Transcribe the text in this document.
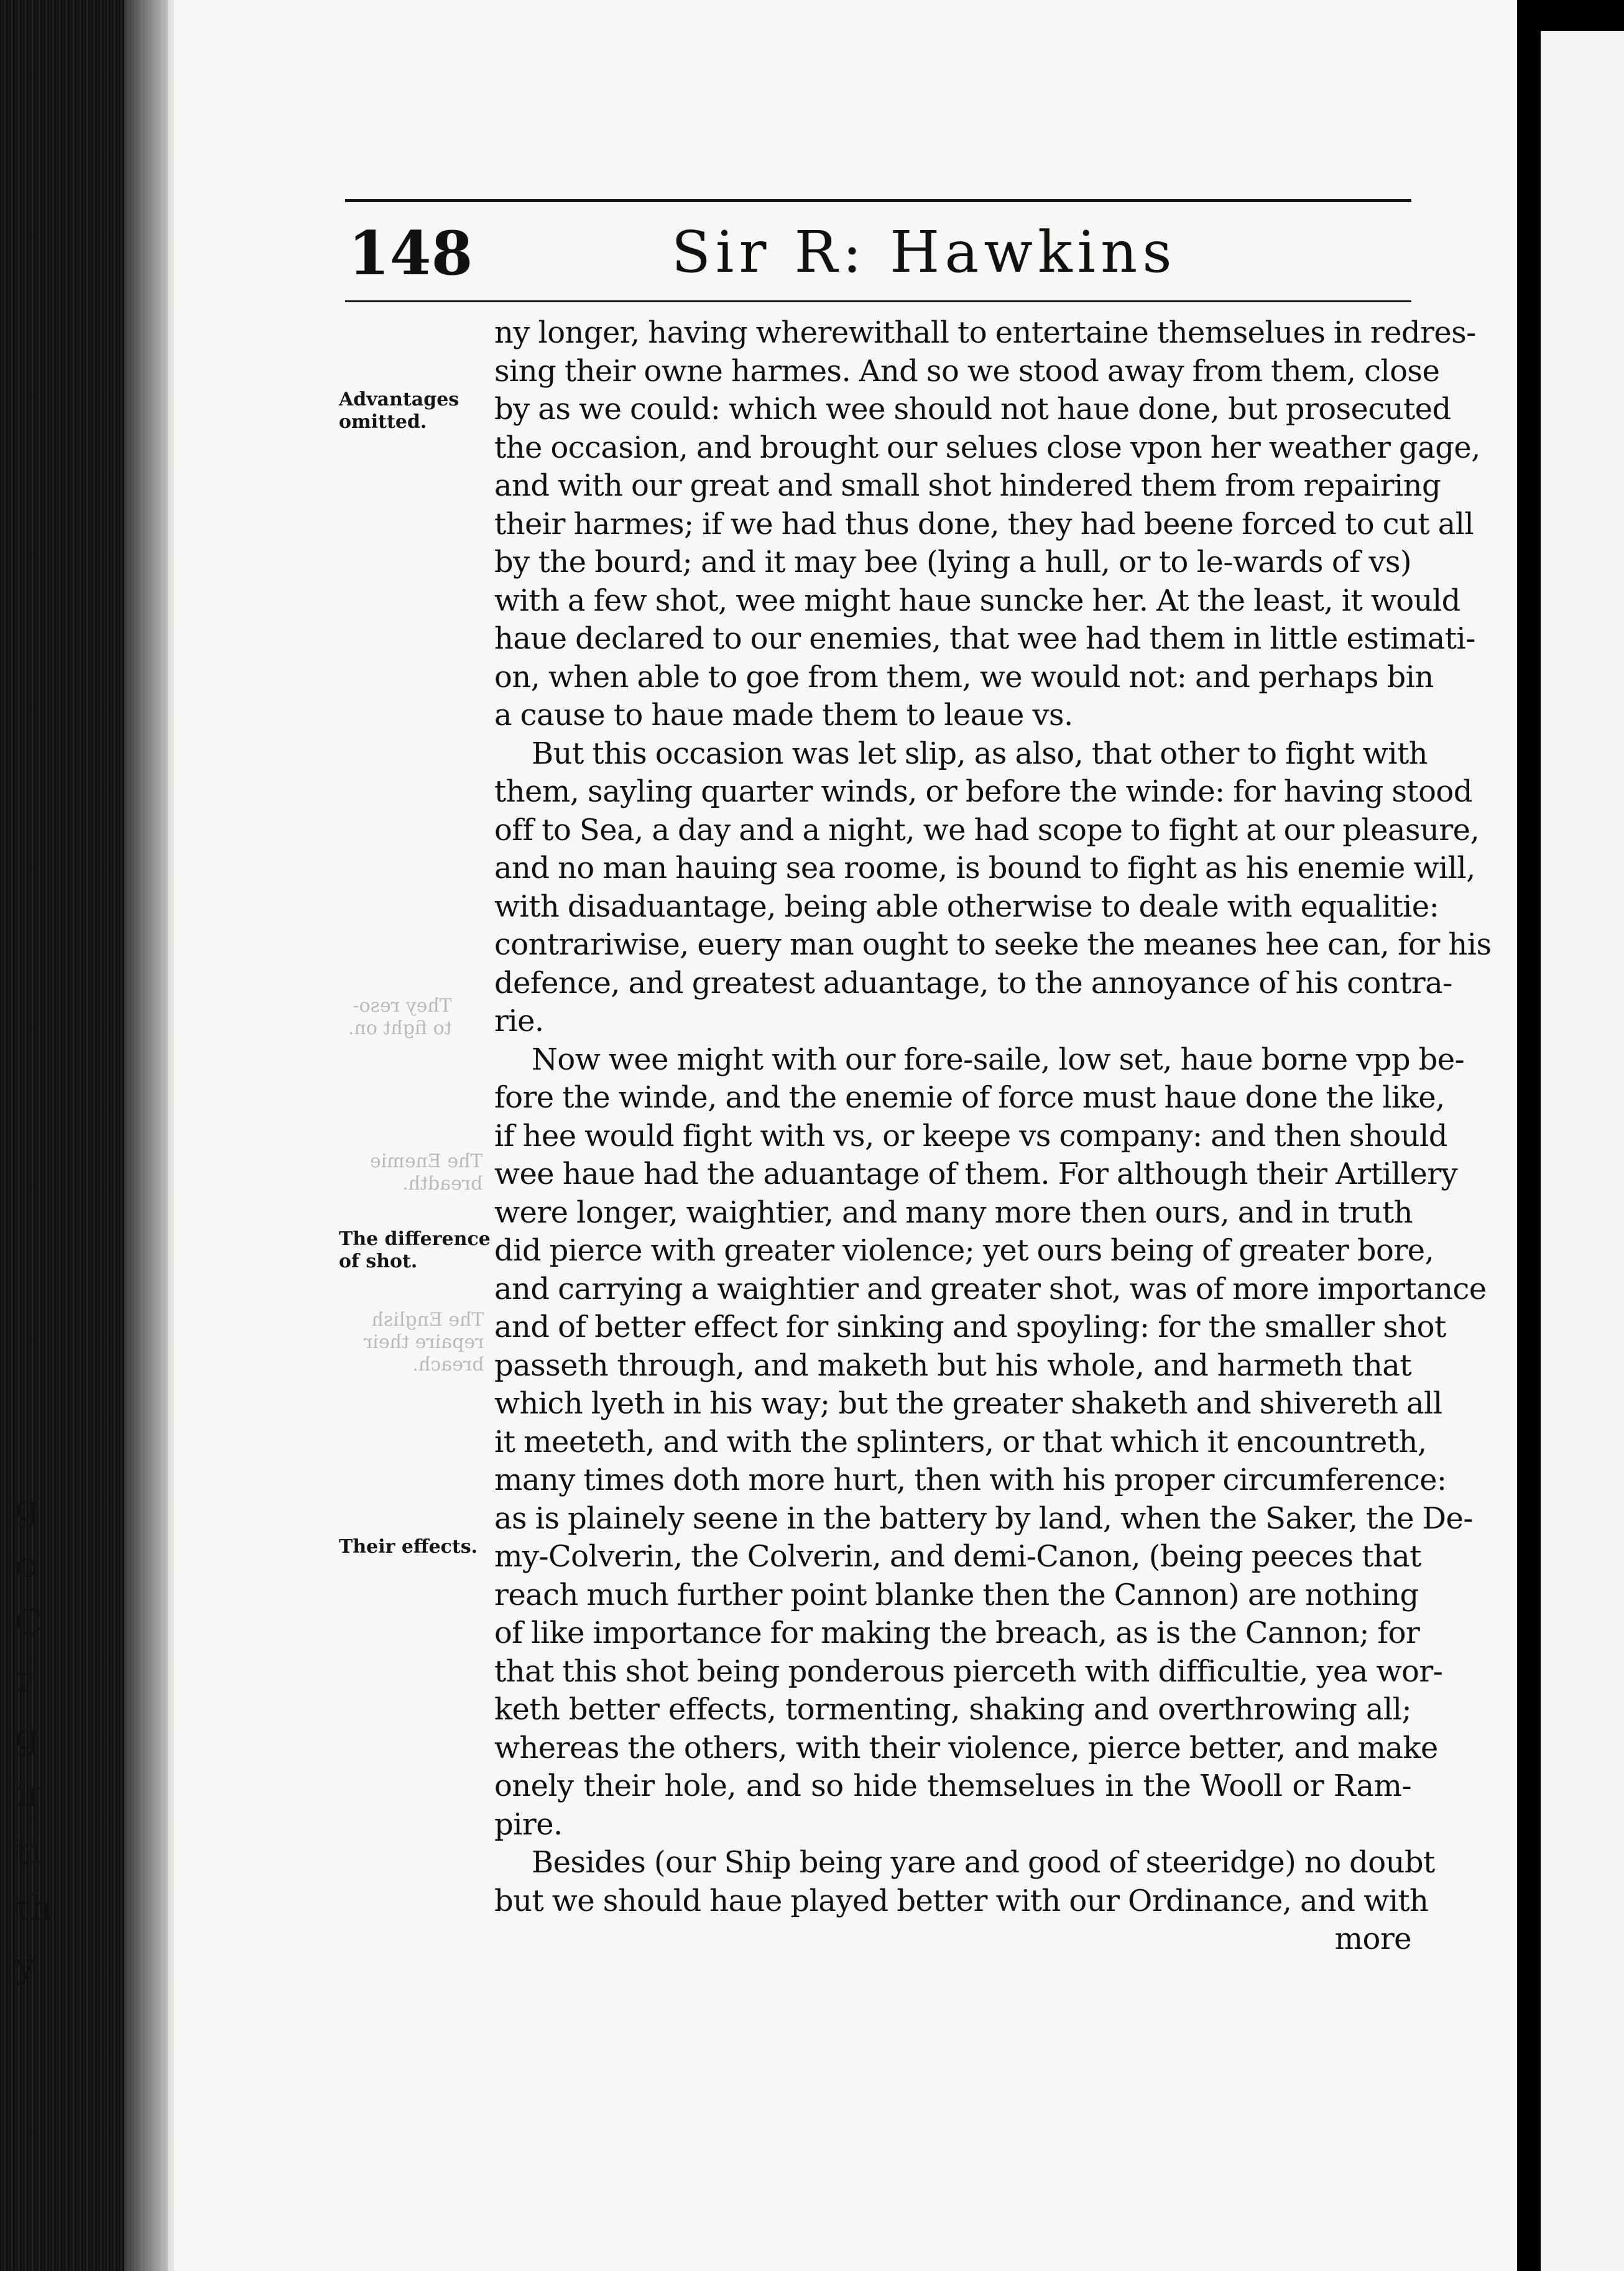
g
c
C
r
g
ir
ti
th
y
148	Sir R: Hawkins
Advantages
omitted.
The difference
of shot.
Their effects.
They reso-
to fight on.
The Enemie
breadth.
The English
repaire their
breach.
ny longer, having wherewithall to entertaine themselues in redres-
sing their owne harmes. And so we stood away from them, close
by as we could: which wee should not haue done, but prosecuted
the occasion, and brought our selues close vpon her weather gage,
and with our great and small shot hindered them from repairing
their harmes; if we had thus done, they had beene forced to cut all
by the bourd; and it may bee (lying a hull, or to le-wards of vs)
with a few shot, wee might haue suncke her. At the least, it would
haue declared to our enemies, that wee had them in little estimati-
on, when able to goe from them, we would not: and perhaps bin
a cause to haue made them to leaue vs.
But this occasion was let slip, as also, that other to fight with
them, sayling quarter winds, or before the winde: for having stood
off to Sea, a day and a night, we had scope to fight at our pleasure,
and no man hauing sea roome, is bound to fight as his enemie will,
with disaduantage, being able otherwise to deale with equalitie:
contrariwise, euery man ought to seeke the meanes hee can, for his
defence, and greatest aduantage, to the annoyance of his contra-
rie.
Now wee might with our fore-saile, low set, haue borne vpp be-
fore the winde, and the enemie of force must haue done the like,
if hee would fight with vs, or keepe vs company: and then should
wee haue had the aduantage of them. For although their Artillery
were longer, waightier, and many more then ours, and in truth
did pierce with greater violence; yet ours being of greater bore,
and carrying a waightier and greater shot, was of more importance
and of better effect for sinking and spoyling: for the smaller shot
passeth through, and maketh but his whole, and harmeth that
which lyeth in his way; but the greater shaketh and shivereth all
it meeteth, and with the splinters, or that which it encountreth,
many times doth more hurt, then with his proper circumference:
as is plainely seene in the battery by land, when the Saker, the De-
my-Colverin, the Colverin, and demi-Canon, (being peeces that
reach much further point blanke then the Cannon) are nothing
of like importance for making the breach, as is the Cannon; for
that this shot being ponderous pierceth with difficultie, yea wor-
keth better effects, tormenting, shaking and overthrowing all;
whereas the others, with their violence, pierce better, and make
onely their hole, and so hide themselues in the Wooll or Ram-
pire.
Besides (our Ship being yare and good of steeridge) no doubt
but we should haue played better with our Ordinance, and with
more
